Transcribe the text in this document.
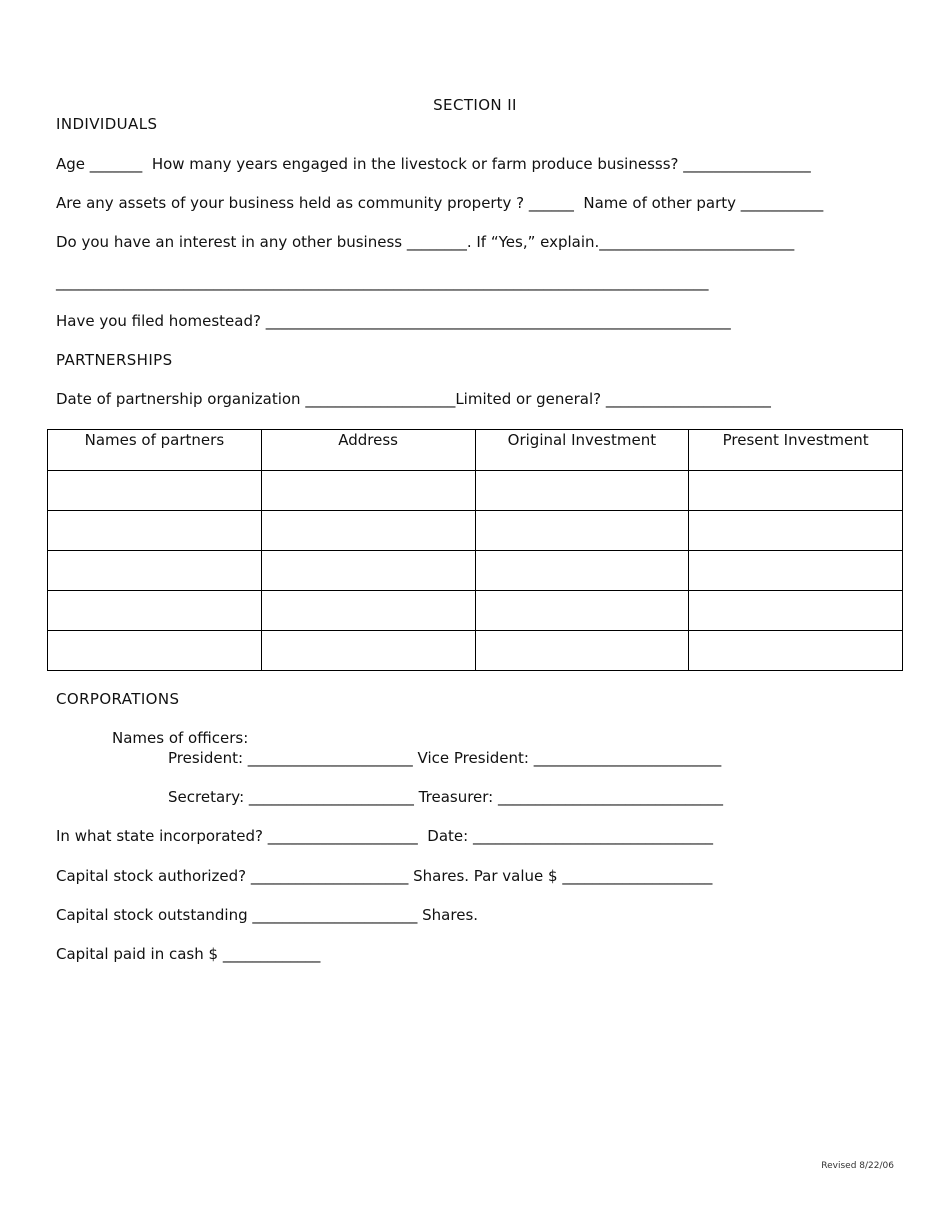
SECTION II
INDIVIDUALS
Age _______  How many years engaged in the livestock or farm produce businesss? _________________
Are any assets of your business held as community property ? ______  Name of other party ___________
Do you have an interest in any other business ________. If “Yes,” explain.__________________________
_______________________________________________________________________________________
Have you filed homestead? ______________________________________________________________
PARTNERSHIPS
Date of partnership organization ____________________Limited or general? ______________________
Names of partners	Address	Original Investment	Present Investment

CORPORATIONS
Names of officers:
President: ______________________ Vice President: _________________________
Secretary: ______________________ Treasurer: ______________________________
In what state incorporated? ____________________  Date: ________________________________
Capital stock authorized? _____________________ Shares. Par value $ ____________________
Capital stock outstanding ______________________ Shares.
Capital paid in cash $ _____________
Revised 8/22/06
